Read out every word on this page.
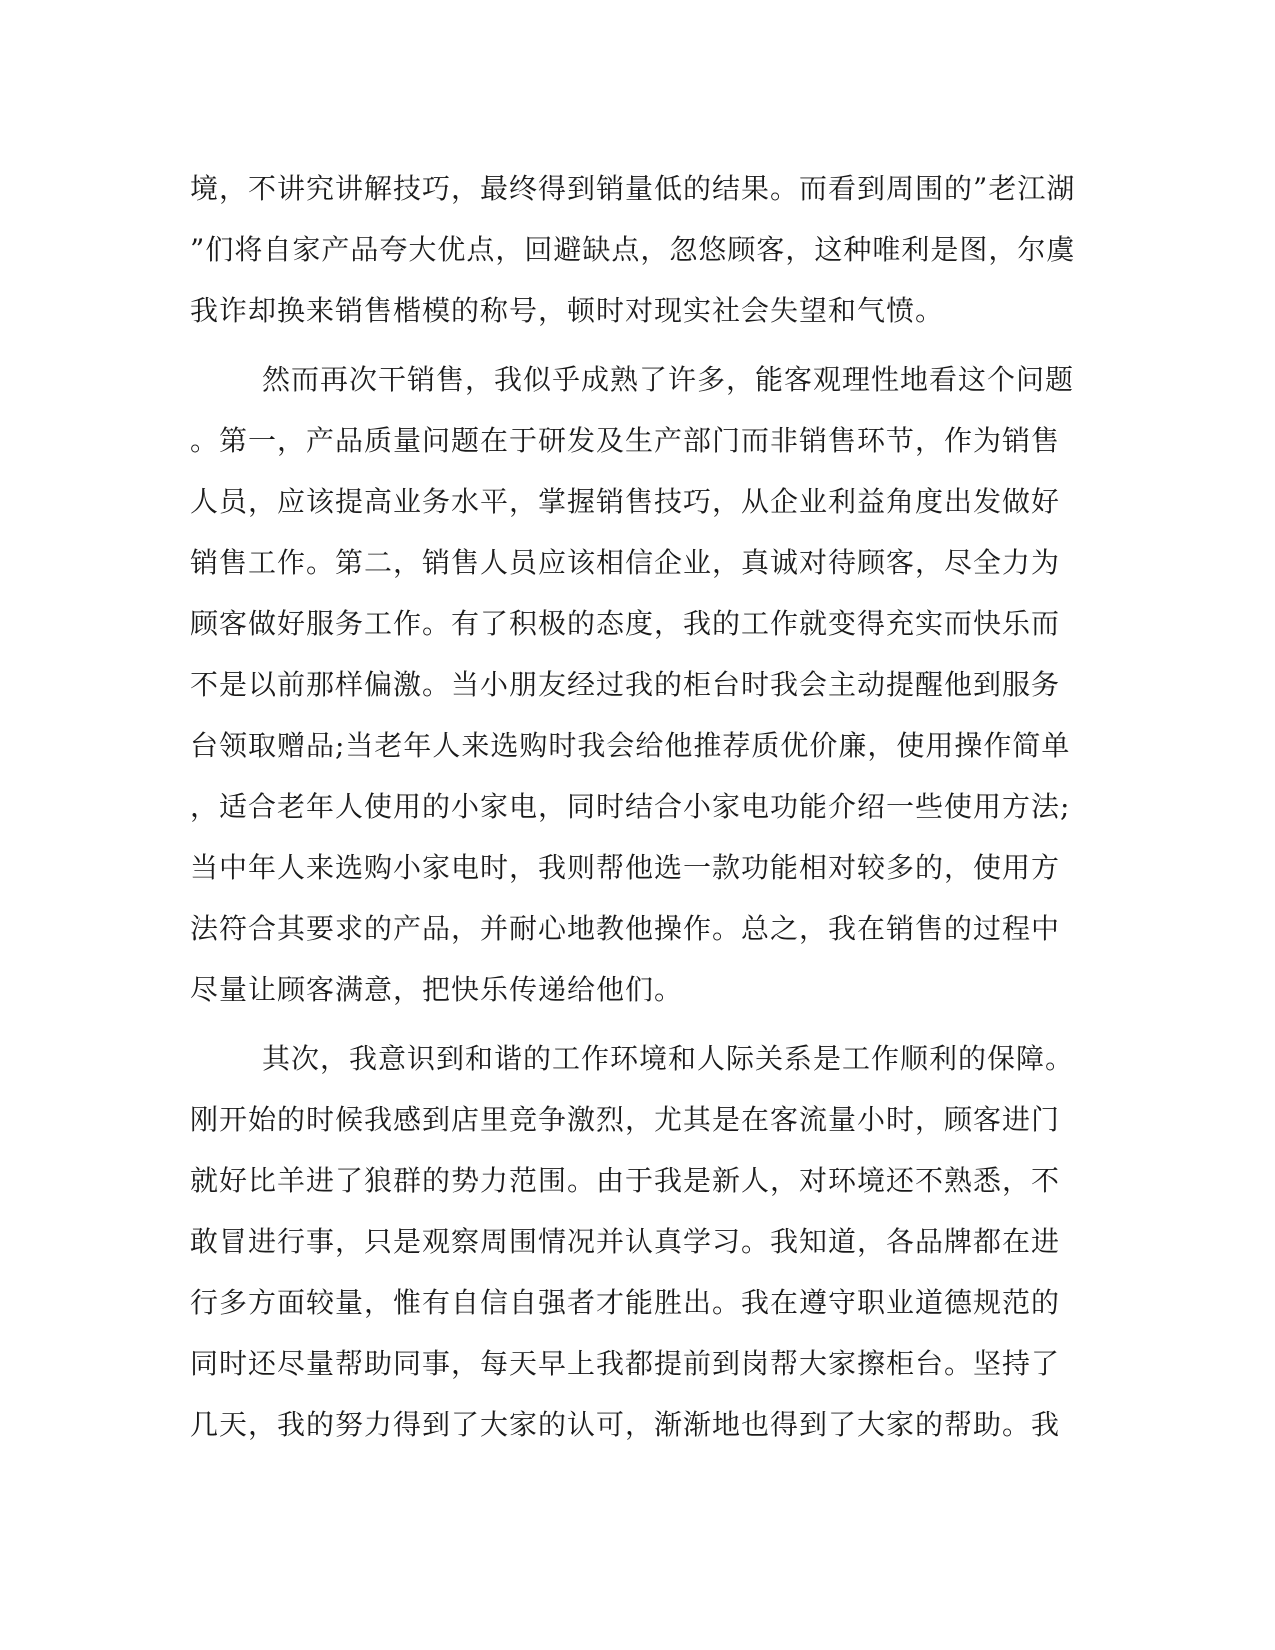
境，不讲究讲解技巧，最终得到销量低的结果。而看到周围的”老江湖
”们将自家产品夸大优点，回避缺点，忽悠顾客，这种唯利是图，尔虞
我诈却换来销售楷模的称号，顿时对现实社会失望和气愤。
然而再次干销售，我似乎成熟了许多，能客观理性地看这个问题
。第一，产品质量问题在于研发及生产部门而非销售环节，作为销售
人员，应该提高业务水平，掌握销售技巧，从企业利益角度出发做好
销售工作。第二，销售人员应该相信企业，真诚对待顾客，尽全力为
顾客做好服务工作。有了积极的态度，我的工作就变得充实而快乐而
不是以前那样偏激。当小朋友经过我的柜台时我会主动提醒他到服务
台领取赠品;当老年人来选购时我会给他推荐质优价廉，使用操作简单
，适合老年人使用的小家电，同时结合小家电功能介绍一些使用方法;
当中年人来选购小家电时，我则帮他选一款功能相对较多的，使用方
法符合其要求的产品，并耐心地教他操作。总之，我在销售的过程中
尽量让顾客满意，把快乐传递给他们。
其次，我意识到和谐的工作环境和人际关系是工作顺利的保障。
刚开始的时候我感到店里竞争激烈，尤其是在客流量小时，顾客进门
就好比羊进了狼群的势力范围。由于我是新人，对环境还不熟悉，不
敢冒进行事，只是观察周围情况并认真学习。我知道，各品牌都在进
行多方面较量，惟有自信自强者才能胜出。我在遵守职业道德规范的
同时还尽量帮助同事，每天早上我都提前到岗帮大家擦柜台。坚持了
几天，我的努力得到了大家的认可，渐渐地也得到了大家的帮助。我
